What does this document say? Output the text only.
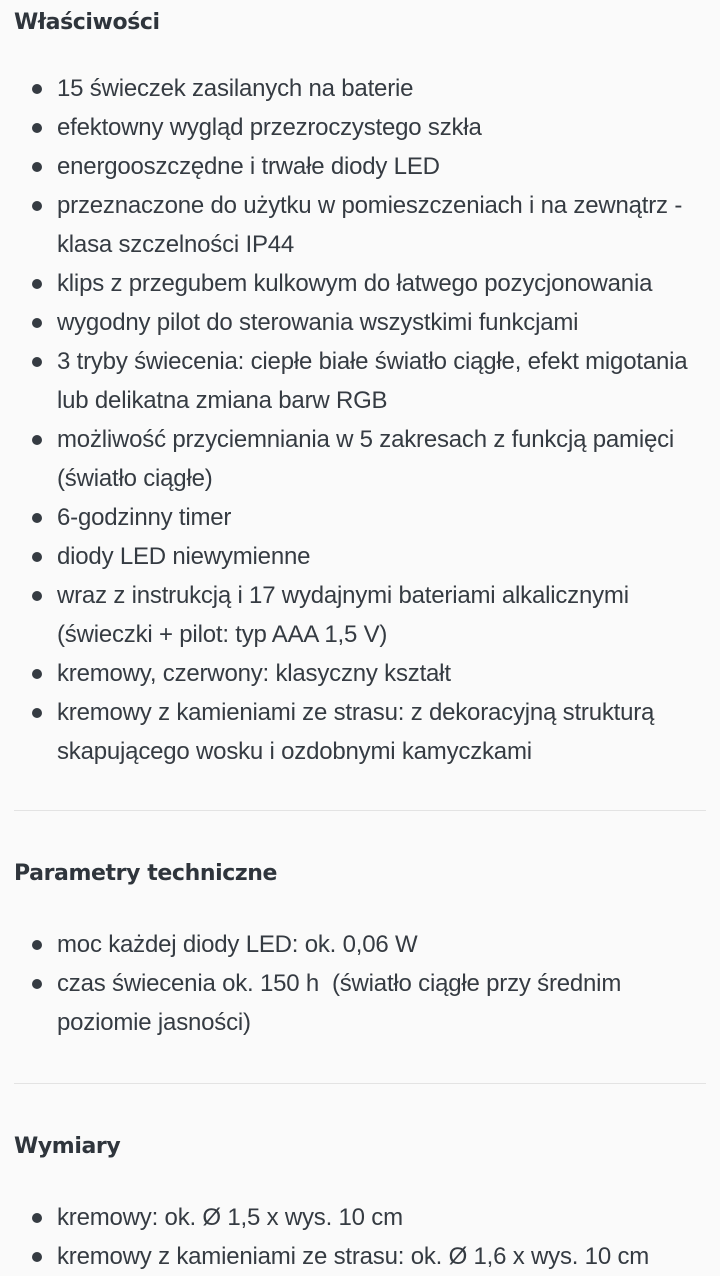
Właściwości
15 świeczek zasilanych na baterie
efektowny wygląd przezroczystego szkła
energooszczędne i trwałe diody LED
przeznaczone do użytku w pomieszczeniach i na zewnątrz - klasa szczelności IP44
klips z przegubem kulkowym do łatwego pozycjonowania
wygodny pilot do sterowania wszystkimi funkcjami
3 tryby świecenia: ciepłe białe światło ciągłe, efekt migotania lub delikatna zmiana barw RGB
możliwość przyciemniania w 5 zakresach z funkcją pamięci (światło ciągłe)
6-godzinny timer
diody LED niewymienne
wraz z instrukcją i 17 wydajnymi bateriami alkalicznymi (świeczki + pilot: typ AAA 1,5 V)
kremowy, czerwony: klasyczny kształt
kremowy z kamieniami ze strasu: z dekoracyjną strukturą skapującego wosku i ozdobnymi kamyczkami
Parametry techniczne
moc każdej diody LED: ok. 0,06 W
czas świecenia ok. 150 h  (światło ciągłe przy średnim poziomie jasności)
Wymiary
kremowy: ok. Ø 1,5 x wys. 10 cm
kremowy z kamieniami ze strasu: ok. Ø 1,6 x wys. 10 cm
